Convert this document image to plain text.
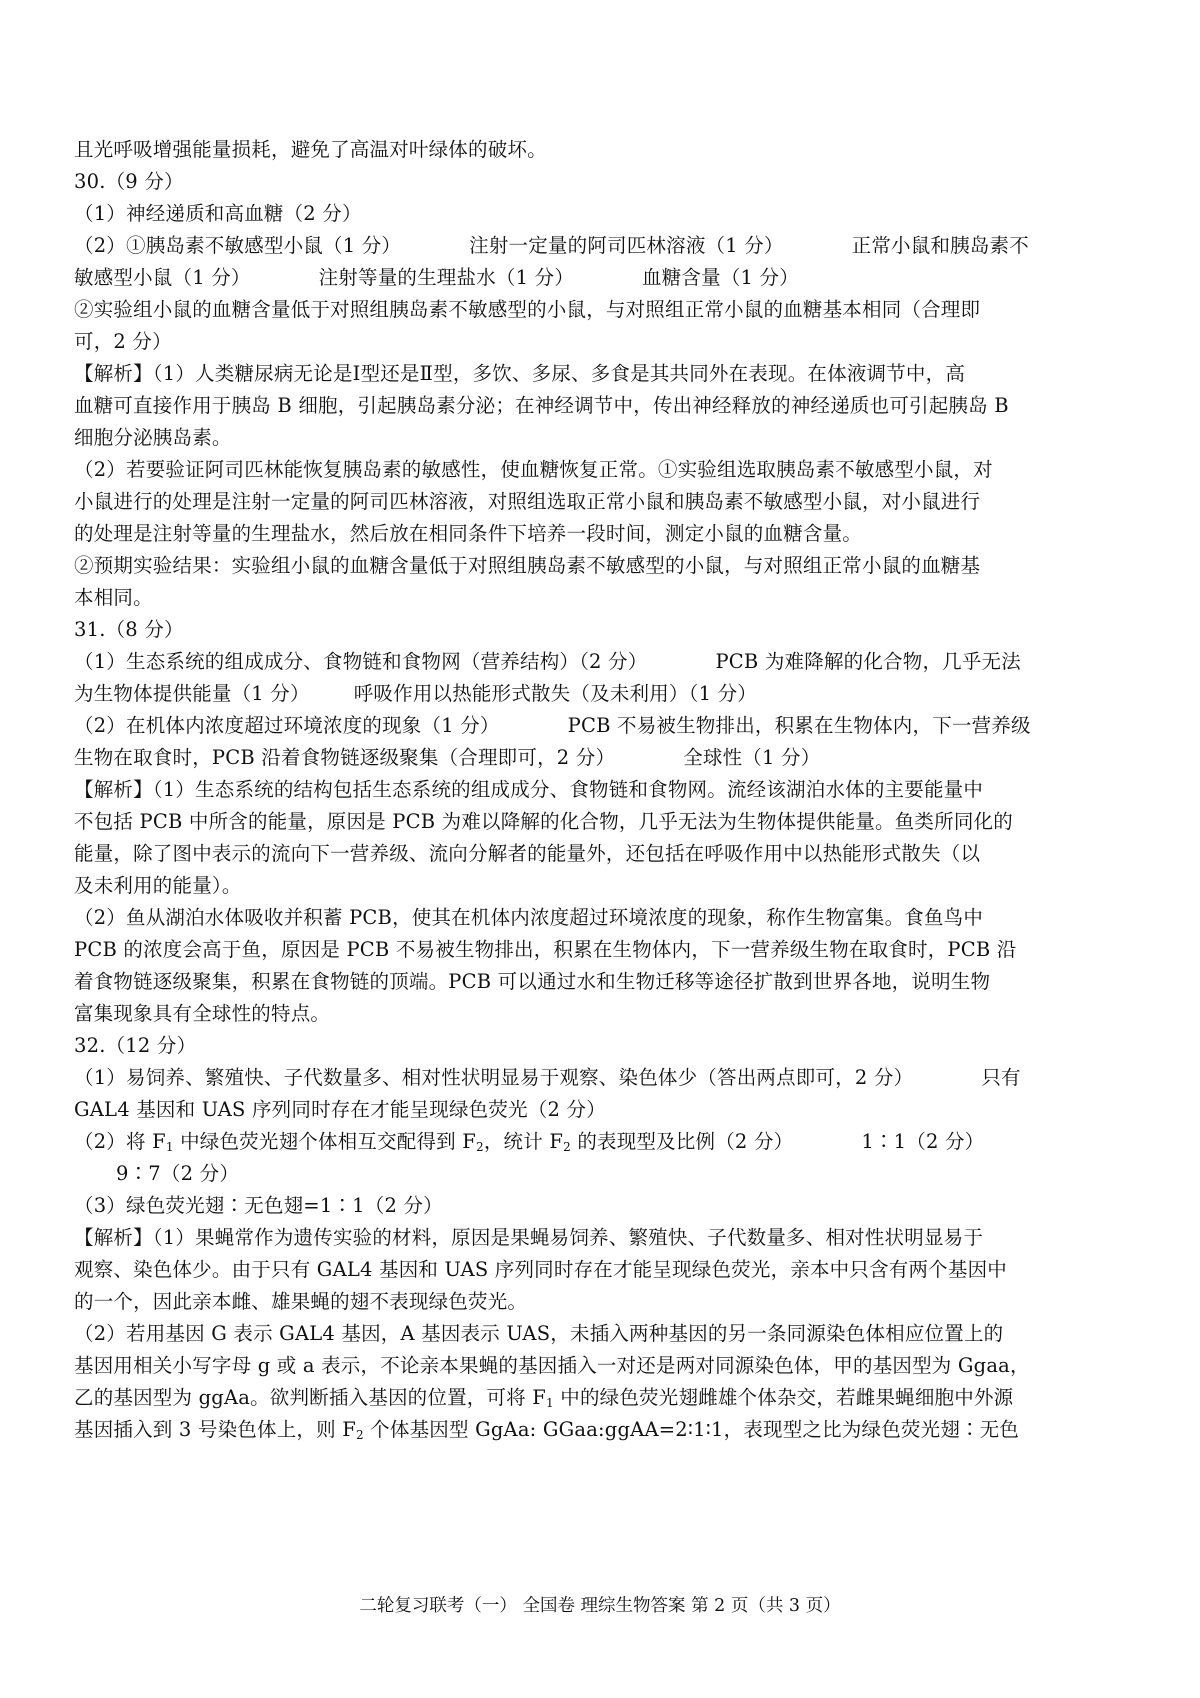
且光呼吸增强能量损耗，避免了高温对叶绿体的破坏。
30.（9 分）
（1）神经递质和高血糖（2 分）
（2）①胰岛素不敏感型小鼠（1 分）	注射一定量的阿司匹林溶液（1 分）	正常小鼠和胰岛素不
敏感型小鼠（1 分）	注射等量的生理盐水（1 分）	血糖含量（1 分）
②实验组小鼠的血糖含量低于对照组胰岛素不敏感型的小鼠，与对照组正常小鼠的血糖基本相同（合理即
可，2 分）
【解析】（1）人类糖尿病无论是Ⅰ型还是Ⅱ型，多饮、多尿、多食是其共同外在表现。在体液调节中，高
血糖可直接作用于胰岛 B 细胞，引起胰岛素分泌；在神经调节中，传出神经释放的神经递质也可引起胰岛 B
细胞分泌胰岛素。
（2）若要验证阿司匹林能恢复胰岛素的敏感性，使血糖恢复正常。①实验组选取胰岛素不敏感型小鼠，对
小鼠进行的处理是注射一定量的阿司匹林溶液，对照组选取正常小鼠和胰岛素不敏感型小鼠，对小鼠进行
的处理是注射等量的生理盐水，然后放在相同条件下培养一段时间，测定小鼠的血糖含量。
②预期实验结果：实验组小鼠的血糖含量低于对照组胰岛素不敏感型的小鼠，与对照组正常小鼠的血糖基
本相同。
31.（8 分）
（1）生态系统的组成成分、食物链和食物网（营养结构）（2 分）	PCB 为难降解的化合物，几乎无法
为生物体提供能量（1 分） 呼吸作用以热能形式散失（及未利用）（1 分）
（2）在机体内浓度超过环境浓度的现象（1 分）	PCB 不易被生物排出，积累在生物体内，下一营养级
生物在取食时，PCB 沿着食物链逐级聚集（合理即可，2 分）	全球性（1 分）
【解析】（1）生态系统的结构包括生态系统的组成成分、食物链和食物网。流经该湖泊水体的主要能量中
不包括 PCB 中所含的能量，原因是 PCB 为难以降解的化合物，几乎无法为生物体提供能量。鱼类所同化的
能量，除了图中表示的流向下一营养级、流向分解者的能量外，还包括在呼吸作用中以热能形式散失（以
及未利用的能量）。
（2）鱼从湖泊水体吸收并积蓄 PCB，使其在机体内浓度超过环境浓度的现象，称作生物富集。食鱼鸟中
PCB 的浓度会高于鱼，原因是 PCB 不易被生物排出，积累在生物体内，下一营养级生物在取食时，PCB 沿
着食物链逐级聚集，积累在食物链的顶端。PCB 可以通过水和生物迁移等途径扩散到世界各地，说明生物
富集现象具有全球性的特点。
32.（12 分）
（1）易饲养、繁殖快、子代数量多、相对性状明显易于观察、染色体少（答出两点即可，2 分）	只有
GAL4 基因和 UAS 序列同时存在才能呈现绿色荧光（2 分）
（2）将 $F_1$ 中绿色荧光翅个体相互交配得到 $F_2$，统计 $F_2$ 的表现型及比例（2 分）	1∶1（2 分）
9∶7（2 分）
（3）绿色荧光翅∶无色翅=1∶1（2 分）
【解析】（1）果蝇常作为遗传实验的材料，原因是果蝇易饲养、繁殖快、子代数量多、相对性状明显易于
观察、染色体少。由于只有 GAL4 基因和 UAS 序列同时存在才能呈现绿色荧光，亲本中只含有两个基因中
的一个，因此亲本雌、雄果蝇的翅不表现绿色荧光。
（2）若用基因 G 表示 GAL4 基因，A 基因表示 UAS，未插入两种基因的另一条同源染色体相应位置上的
基因用相关小写字母 g 或 a 表示，不论亲本果蝇的基因插入一对还是两对同源染色体，甲的基因型为 Ggaa，
乙的基因型为 ggAa。欲判断插入基因的位置，可将 $F_1$ 中的绿色荧光翅雌雄个体杂交，若雌果蝇细胞中外源
基因插入到 3 号染色体上，则 $F_2$ 个体基因型 GgAa: GGaa:ggAA=2∶1∶1，表现型之比为绿色荧光翅∶无色
二轮复习联考（一） 全国卷 理综生物答案 第 2 页（共 3 页）
